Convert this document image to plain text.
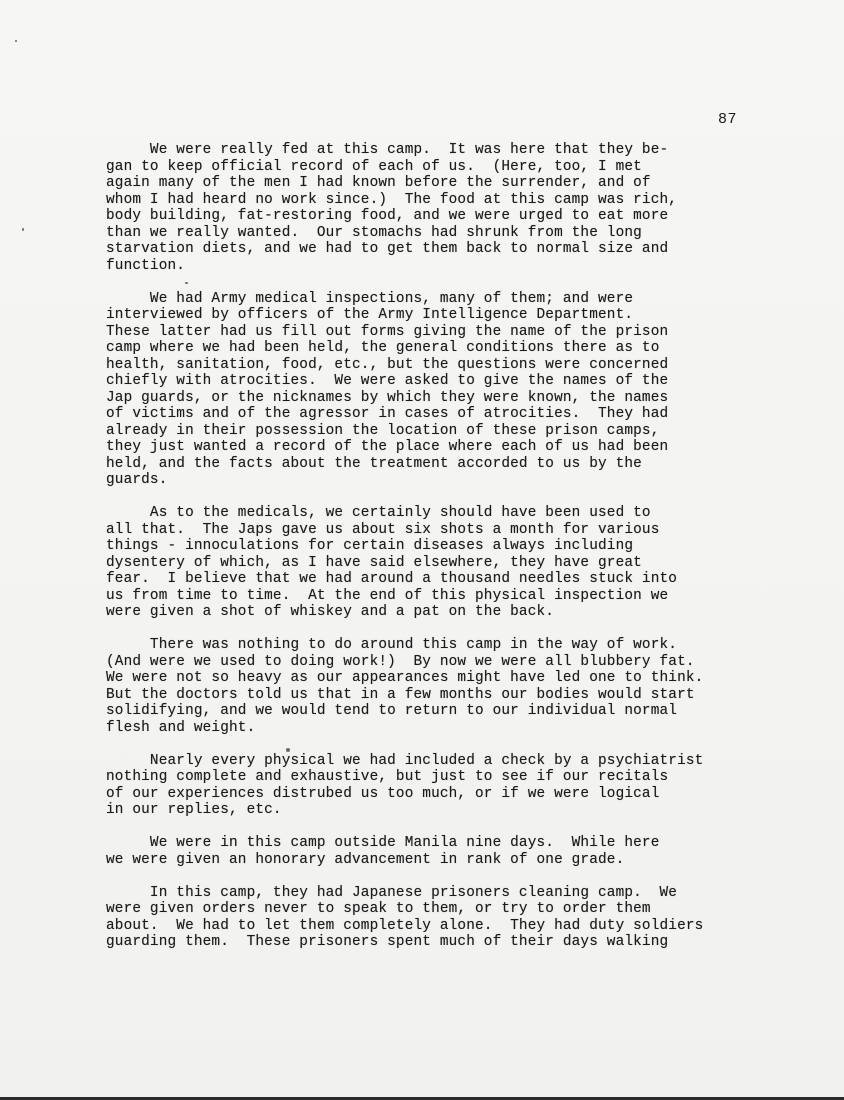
87
We were really fed at this camp.  It was here that they be-
gan to keep official record of each of us.  (Here, too, I met
again many of the men I had known before the surrender, and of
whom I had heard no work since.)  The food at this camp was rich,
body building, fat-restoring food, and we were urged to eat more
than we really wanted.  Our stomachs had shrunk from the long
starvation diets, and we had to get them back to normal size and
function.
We had Army medical inspections, many of them; and were
interviewed by officers of the Army Intelligence Department.
These latter had us fill out forms giving the name of the prison
camp where we had been held, the general conditions there as to
health, sanitation, food, etc., but the questions were concerned
chiefly with atrocities.  We were asked to give the names of the
Jap guards, or the nicknames by which they were known, the names
of victims and of the agressor in cases of atrocities.  They had
already in their possession the location of these prison camps,
they just wanted a record of the place where each of us had been
held, and the facts about the treatment accorded to us by the
guards.
As to the medicals, we certainly should have been used to
all that.  The Japs gave us about six shots a month for various
things - innoculations for certain diseases always including
dysentery of which, as I have said elsewhere, they have great
fear.  I believe that we had around a thousand needles stuck into
us from time to time.  At the end of this physical inspection we
were given a shot of whiskey and a pat on the back.
There was nothing to do around this camp in the way of work.
(And were we used to doing work!)  By now we were all blubbery fat.
We were not so heavy as our appearances might have led one to think.
But the doctors told us that in a few months our bodies would start
solidifying, and we would tend to return to our individual normal
flesh and weight.
Nearly every physical we had included a check by a psychiatrist
nothing complete and exhaustive, but just to see if our recitals
of our experiences distrubed us too much, or if we were logical
in our replies, etc.
We were in this camp outside Manila nine days.  While here
we were given an honorary advancement in rank of one grade.
In this camp, they had Japanese prisoners cleaning camp.  We
were given orders never to speak to them, or try to order them
about.  We had to let them completely alone.  They had duty soldiers
guarding them.  These prisoners spent much of their days walking
